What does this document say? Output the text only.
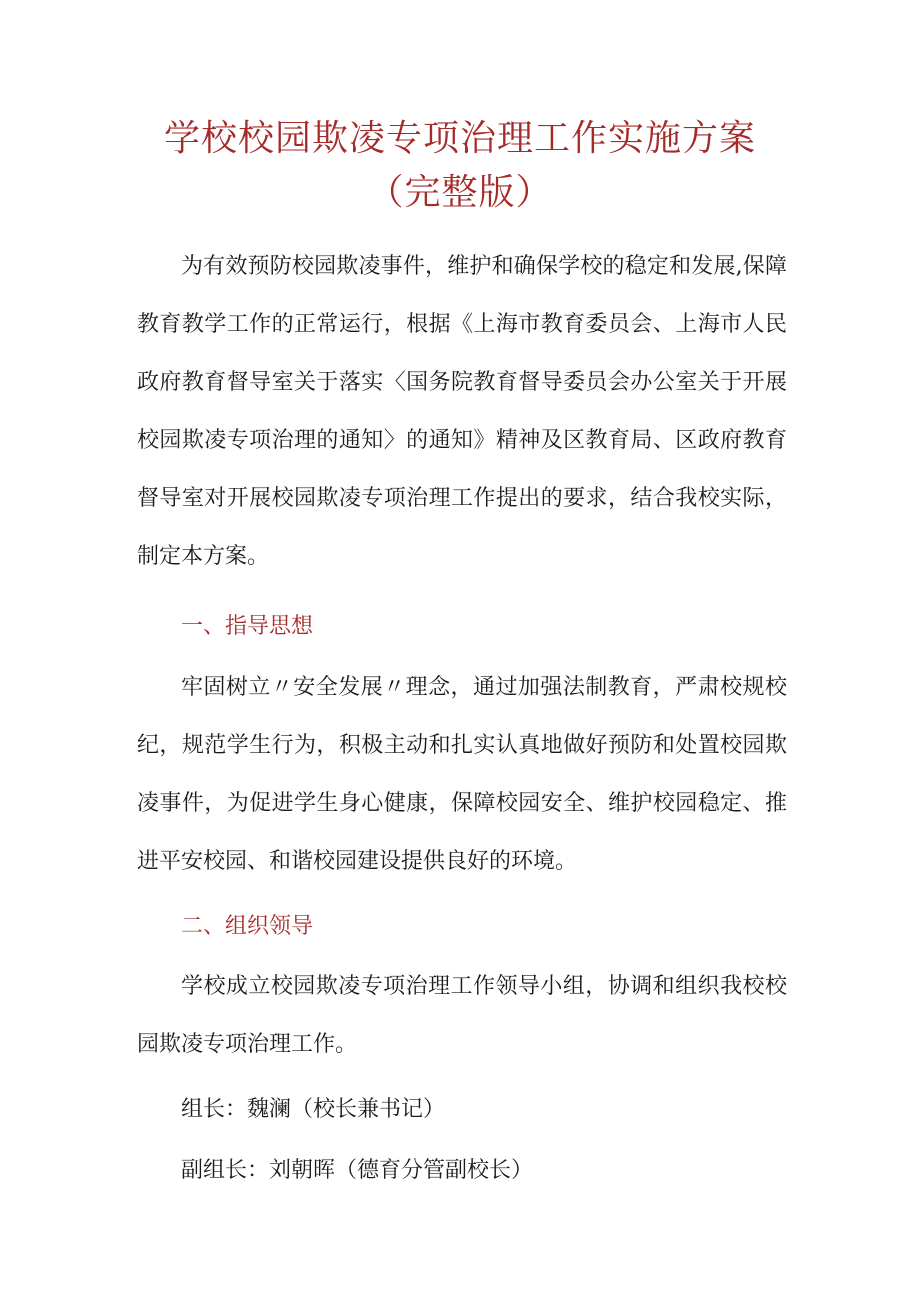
学校校园欺凌专项治理工作实施方案
（完整版）

为有效预防校园欺凌事件，维护和确保学校的稳定和发展,保障教育教学工作的正常运行，根据《上海市教育委员会、上海市人民政府教育督导室关于落实〈国务院教育督导委员会办公室关于开展校园欺凌专项治理的通知〉的通知》精神及区教育局、区政府教育督导室对开展校园欺凌专项治理工作提出的要求，结合我校实际，制定本方案。

一、指导思想

牢固树立〃安全发展〃理念，通过加强法制教育，严肃校规校纪，规范学生行为，积极主动和扎实认真地做好预防和处置校园欺凌事件，为促进学生身心健康，保障校园安全、维护校园稳定、推进平安校园、和谐校园建设提供良好的环境。

二、组织领导

学校成立校园欺凌专项治理工作领导小组，协调和组织我校校园欺凌专项治理工作。

组长：魏澜（校长兼书记）

副组长：刘朝晖（德育分管副校长）
